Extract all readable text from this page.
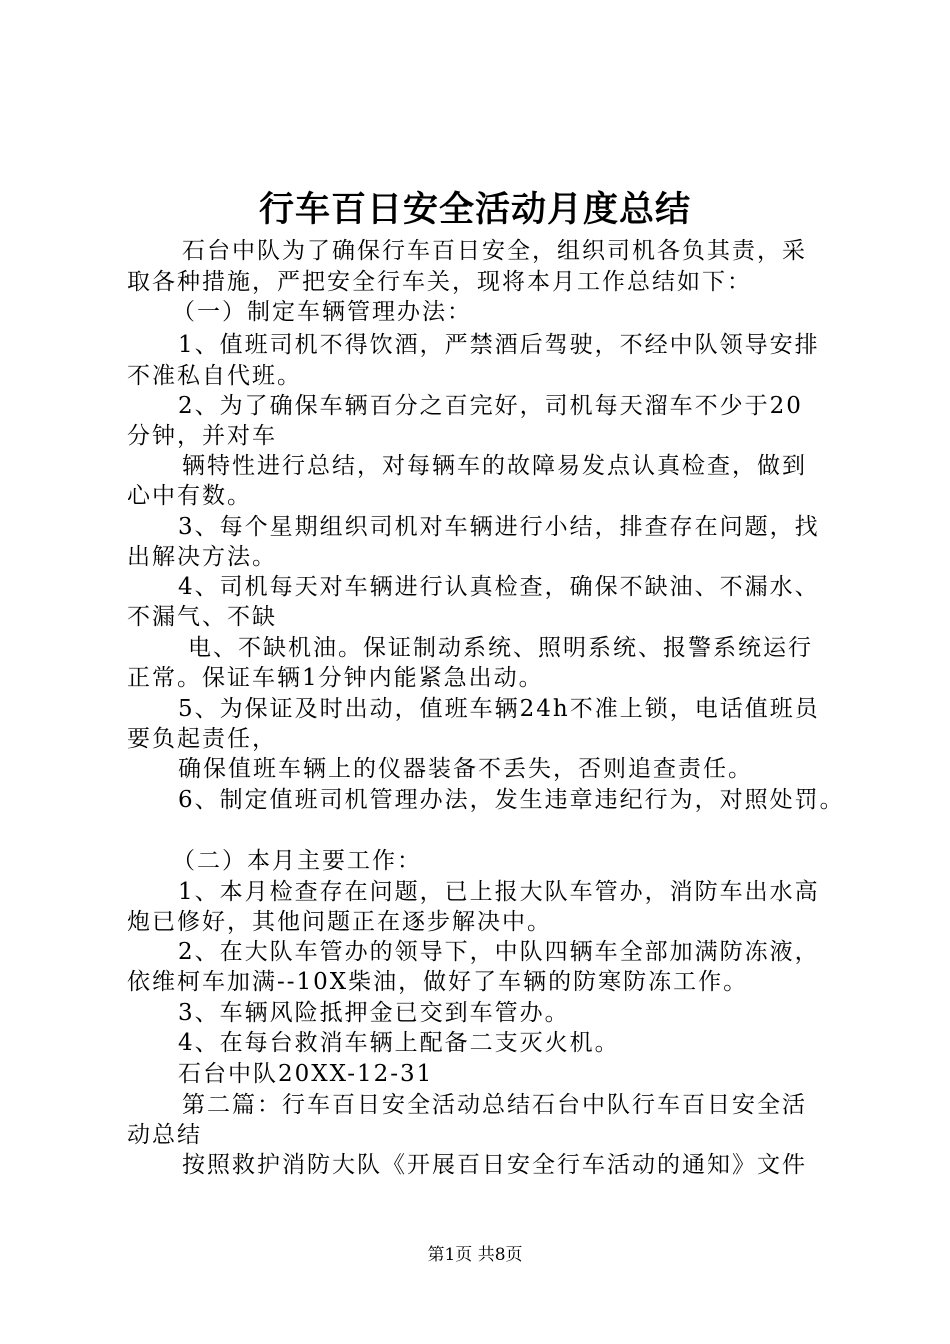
行车百日安全活动月度总结
石台中队为了确保行车百日安全，组织司机各负其责，采
取各种措施，严把安全行车关，现将本月工作总结如下：
（一）制定车辆管理办法：
1、值班司机不得饮酒，严禁酒后驾驶，不经中队领导安排
不准私自代班。
2、为了确保车辆百分之百完好，司机每天溜车不少于20
分钟，并对车
辆特性进行总结，对每辆车的故障易发点认真检查，做到
心中有数。
3、每个星期组织司机对车辆进行小结，排查存在问题，找
出解决方法。
4、司机每天对车辆进行认真检查，确保不缺油、不漏水、
不漏气、不缺
电、不缺机油。保证制动系统、照明系统、报警系统运行
正常。保证车辆1分钟内能紧急出动。
5、为保证及时出动，值班车辆24h不准上锁，电话值班员
要负起责任，
确保值班车辆上的仪器装备不丢失，否则追查责任。
6、制定值班司机管理办法，发生违章违纪行为，对照处罚。
（二）本月主要工作：
1、本月检查存在问题，已上报大队车管办，消防车出水高
炮已修好，其他问题正在逐步解决中。
2、在大队车管办的领导下，中队四辆车全部加满防冻液，
依维柯车加满--10X柴油，做好了车辆的防寒防冻工作。
3、车辆风险抵押金已交到车管办。
4、在每台救消车辆上配备二支灭火机。
石台中队20XX-12-31
第二篇：行车百日安全活动总结石台中队行车百日安全活
动总结
按照救护消防大队《开展百日安全行车活动的通知》文件
第1页 共8页
